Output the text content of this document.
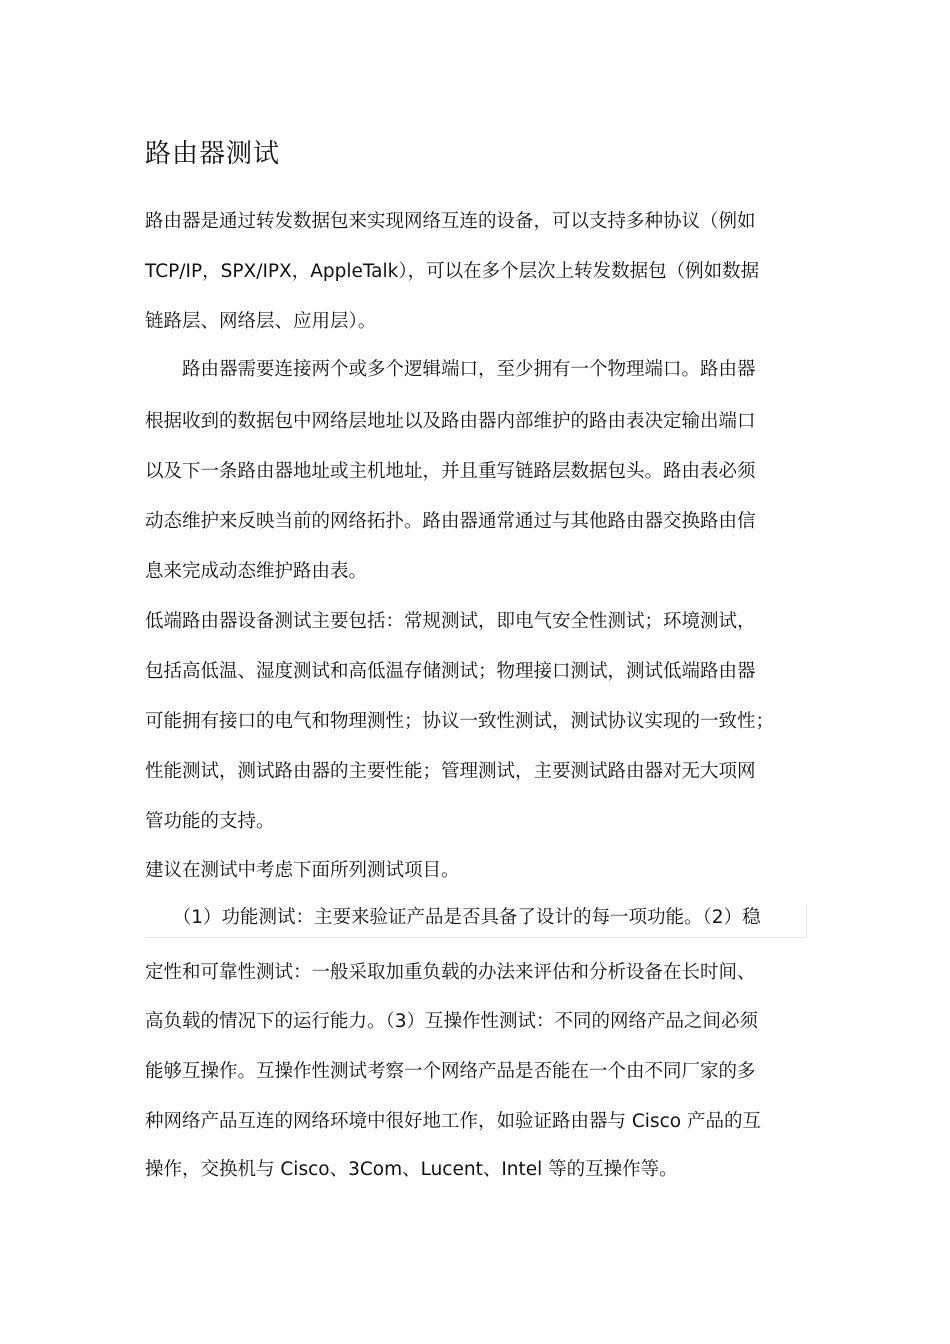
路由器测试
路由器是通过转发数据包来实现网络互连的设备，可以支持多种协议（例如
TCP/IP，SPX/IPX，AppleTalk），可以在多个层次上转发数据包（例如数据
链路层、网络层、应用层）。
　　路由器需要连接两个或多个逻辑端口，至少拥有一个物理端口。路由器
根据收到的数据包中网络层地址以及路由器内部维护的路由表决定输出端口
以及下一条路由器地址或主机地址，并且重写链路层数据包头。路由表必须
动态维护来反映当前的网络拓扑。路由器通常通过与其他路由器交换路由信
息来完成动态维护路由表。
低端路由器设备测试主要包括：常规测试，即电气安全性测试；环境测试，
包括高低温、湿度测试和高低温存储测试；物理接口测试，测试低端路由器
可能拥有接口的电气和物理测性；协议一致性测试，测试协议实现的一致性；
性能测试，测试路由器的主要性能；管理测试，主要测试路由器对无大项网
管功能的支持。
建议在测试中考虑下面所列测试项目。
　　（1）功能测试
：主要来验证产品是否具备了设计的每一项功能。（2）稳
定性和可靠性测试：一般采取加重负载的办法来评估和分析设备在长时间、
高负载的情况下的运行能力。（3）互操作性测试：不同的网络产品之间必须
能够互操作。互操作性测试考察一个网络产品是否能在一个由不同厂家的多
种网络产品互连的网络环境中很好地工作，如验证路由器与 Cisco 产品的互
操作，交换机与 Cisco、3Com、Lucent、Intel 等的互操作等。
